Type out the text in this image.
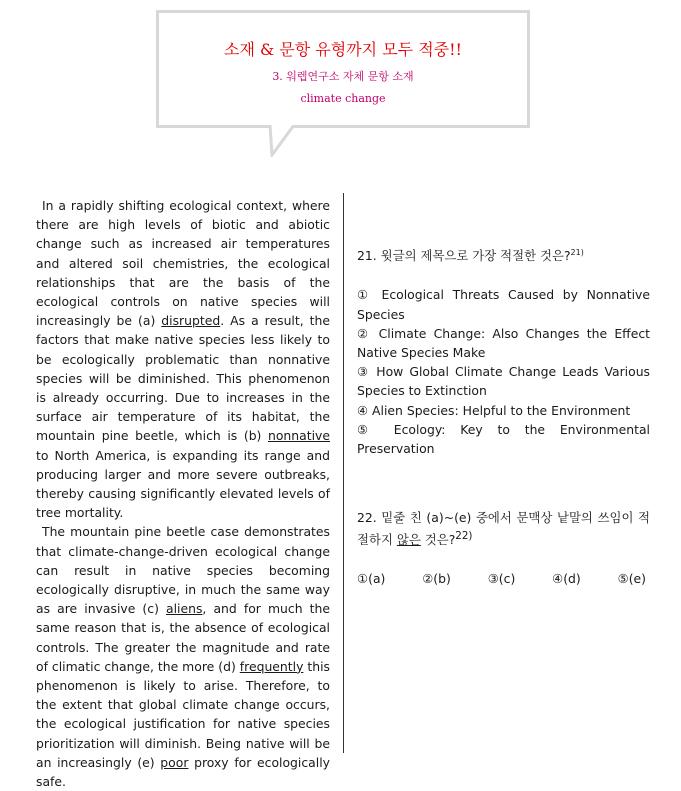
소재 & 문항 유형까지 모두 적중!!
3. 워렙연구소 자체 문항 소재
climate change

In a rapidly shifting ecological context, where there are high levels of biotic and abiotic change such as increased air temperatures and altered soil chemistries, the ecological relationships that are the basis of the ecological controls on native species will increasingly be (a) disrupted. As a result, the factors that make native species less likely to be ecologically problematic than nonnative species will be diminished. This phenomenon is already occurring. Due to increases in the surface air temperature of its habitat, the mountain pine beetle, which is (b) nonnative to North America, is expanding its range and producing larger and more severe outbreaks, thereby causing significantly elevated levels of tree mortality.

The mountain pine beetle case demonstrates that climate-change-driven ecological change can result in native species becoming ecologically disruptive, in much the same way as are invasive (c) aliens, and for much the same reason that is, the absence of ecological controls. The greater the magnitude and rate of climatic change, the more (d) frequently this phenomenon is likely to arise. Therefore, to the extent that global climate change occurs, the ecological justification for native species prioritization will diminish. Being native will be an increasingly (e) poor proxy for ecologically safe.

21. 윗글의 제목으로 가장 적절한 것은?$^{21)}$
① Ecological Threats Caused by Nonnative Species
② Climate Change: Also Changes the Effect Native Species Make
③ How Global Climate Change Leads Various Species to Extinction
④ Alien Species: Helpful to the Environment
⑤ Ecology: Key to the Environmental Preservation
22. 밑줄 친 (a)~(e) 중에서 문맥상 낱말의 쓰임이 적절하지 않은 것은?$^{22)}$
①(a)	②(b)	③(c)	④(d)	⑤(e)
